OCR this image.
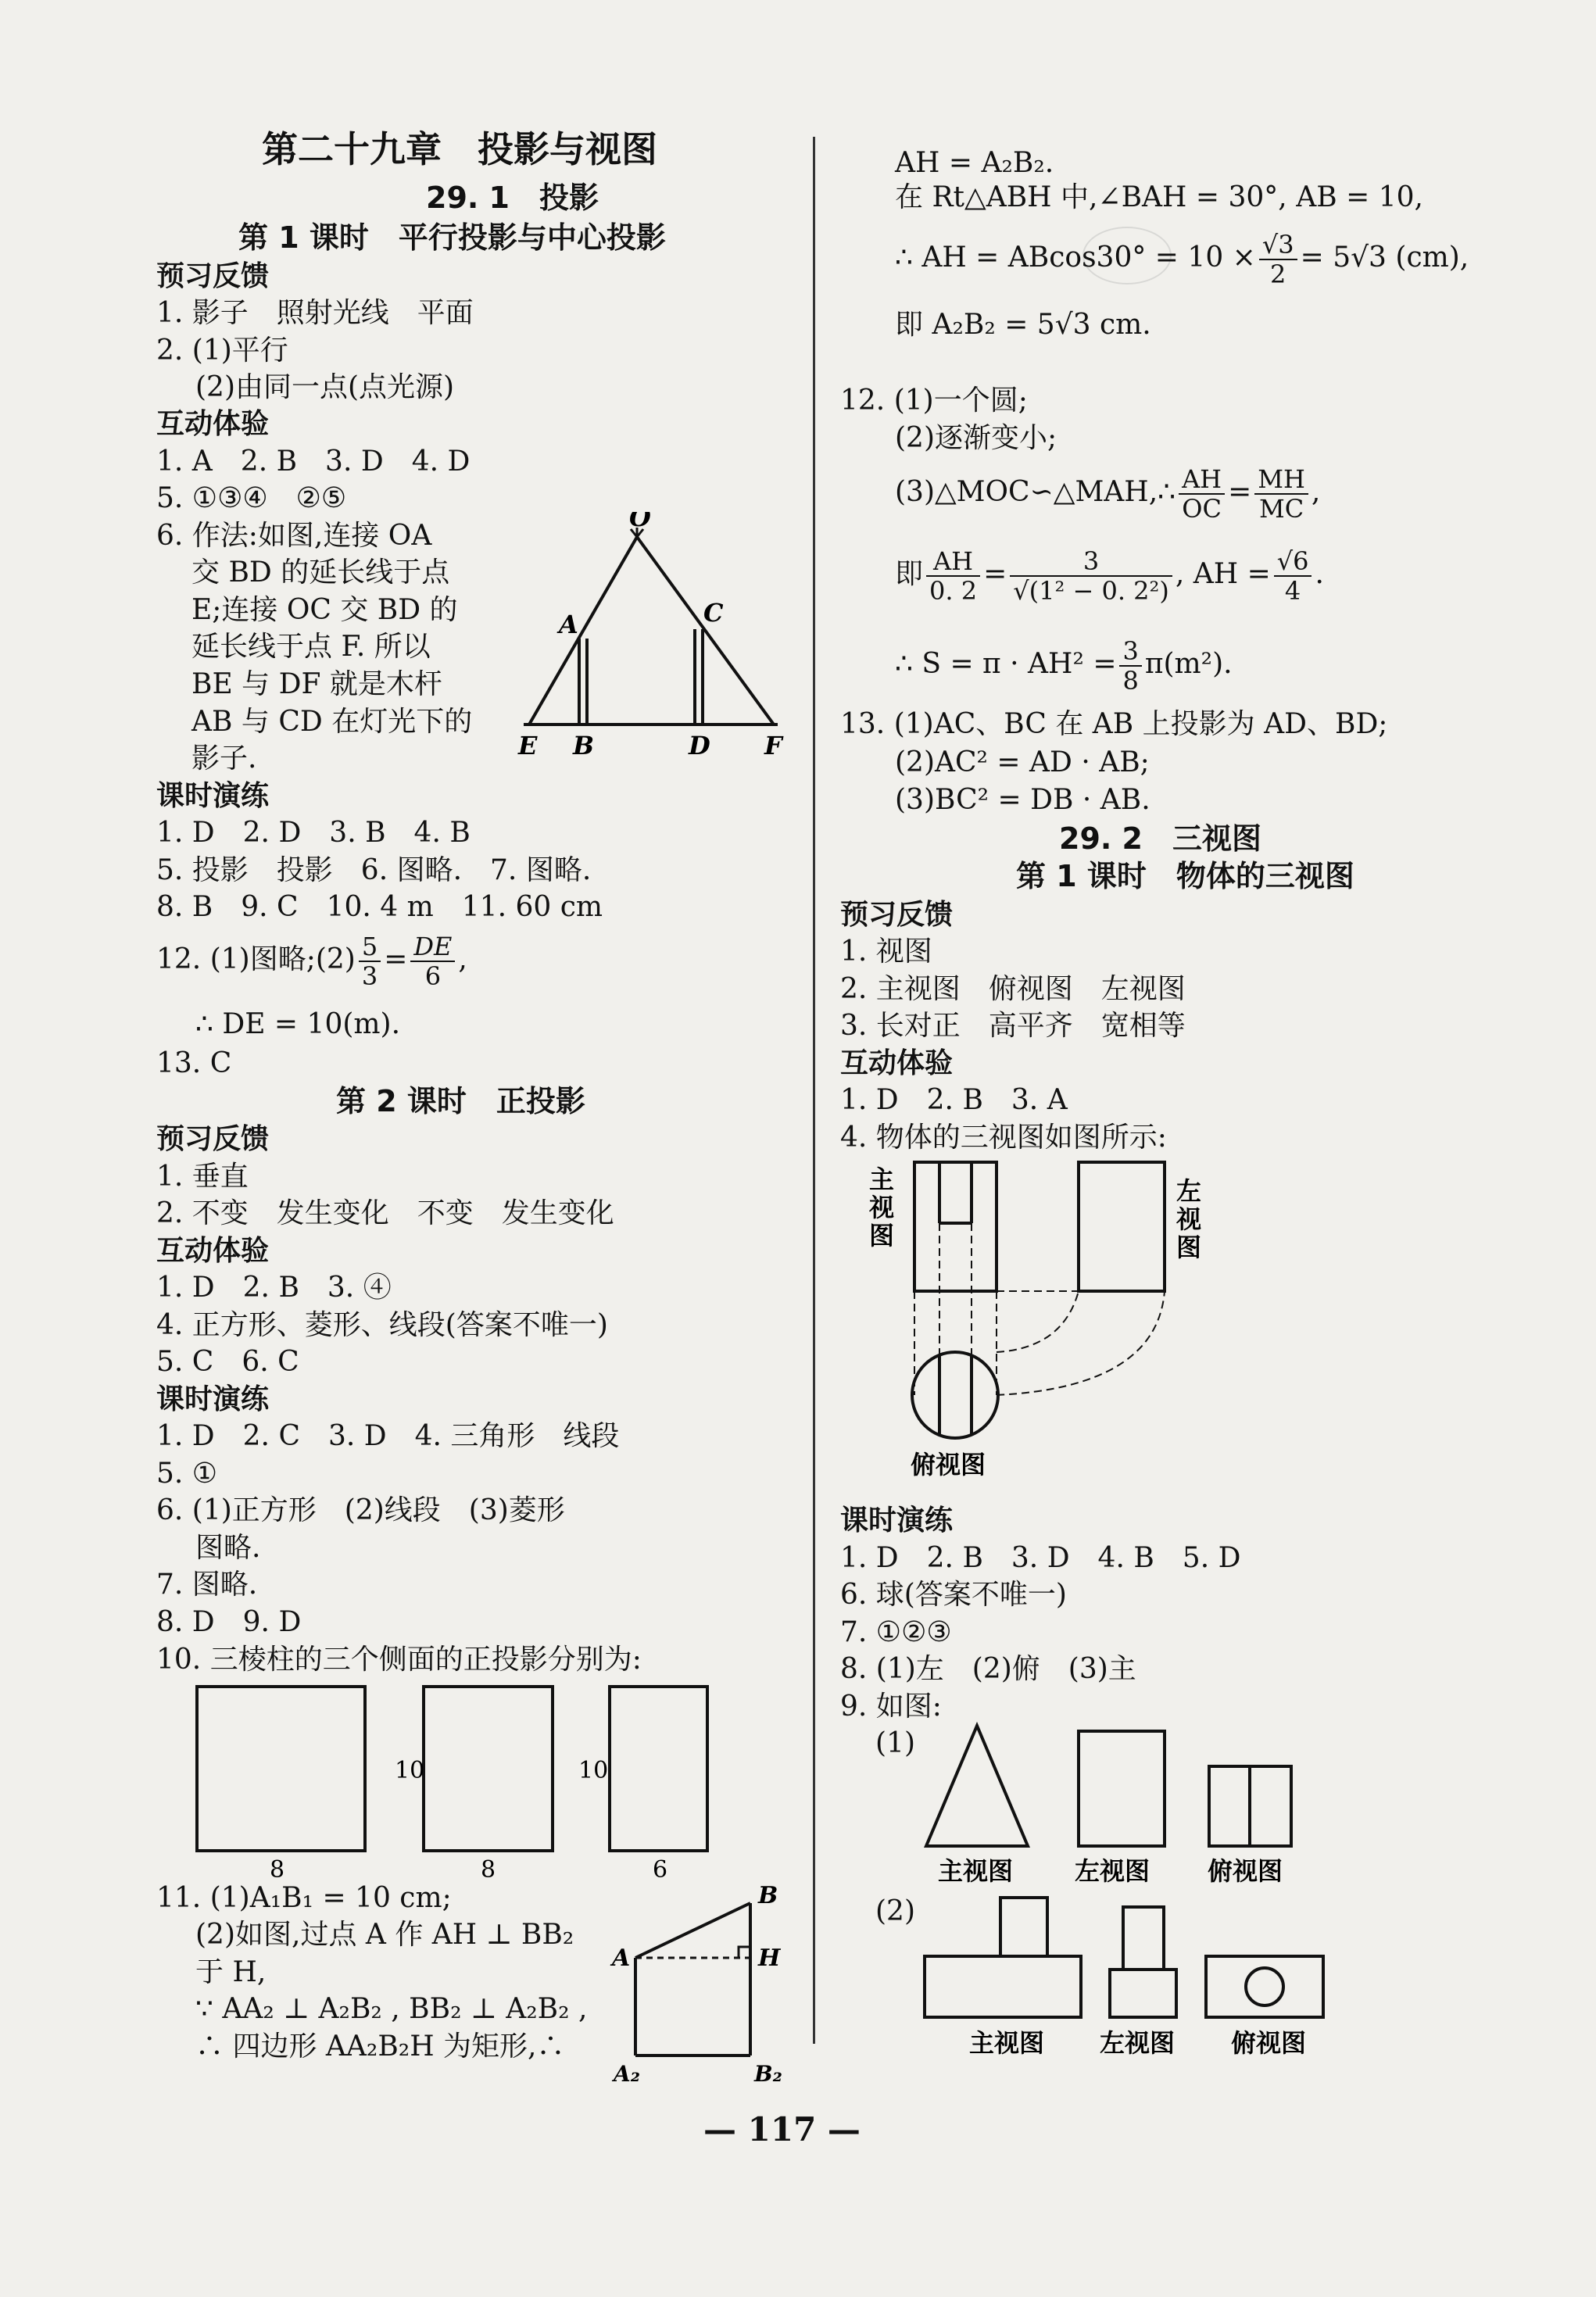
第二十九章　投影与视图
29. 1　投影
第 1 课时　平行投影与中心投影
预习反馈
1. 影子　照射光线　平面
2. (1)平行
(2)由同一点(点光源)
互动体验
1. A　2. B　3. D　4. D
5. ①③④　②⑤
6. 作法:如图,连接 OA
交 BD 的延长线于点
E;连接 OC 交 BD 的
延长线于点 F. 所以
BE 与 DF 就是木杆
AB 与 CD 在灯光下的
影子.
O
A	C
E B	D F
课时演练
1. D　2. D　3. B　4. B
5. 投影　投影　6. 图略.　7. 图略.
8. B　9. C　10. 4 m　11. 60 cm
12. (1)图略;(2) $\frac{5}{3} = \frac{DE}{6}$ ,
∴ DE = 10(m).
13. C
第 2 课时　正投影
预习反馈
1. 垂直
2. 不变　发生变化　不变　发生变化
互动体验
1. D　2. B　3. ④
4. 正方形、菱形、线段(答案不唯一)
5. C　6. C
课时演练
1. D　2. C　3. D　4. 三角形　线段
5. ①
6. (1)正方形　(2)线段　(3)菱形
图略.
7. 图略.
8. D　9. D
10. 三棱柱的三个侧面的正投影分别为:
8
10
8
10
6
11. (1)A₁B₁ = 10 cm;
(2)如图,过点 A 作 AH ⊥ BB₂
于 H,
∵ AA₂ ⊥ A₂B₂ , BB₂ ⊥ A₂B₂ ,
∴ 四边形 AA₂B₂H 为矩形,∴
B
A	H
A₂	B₂
AH = A₂B₂.
在 Rt△ABH 中,∠BAH = 30°, AB = 10,
∴ AH = $ABcos30^\circ = 10 \times \frac{√3}{2} = 5√3$ (cm),
即 A₂B₂ = 5√3 cm.
12. (1)一个圆;
(2)逐渐变小;
(3)△MOC∽△MAH,∴ $\frac{AH}{OC} = \frac{MH}{MC}$ ,
即 $\frac{AH}{0. 2} = \frac{3}{\text{√(1² − 0. 2²)}}$ , AH = $\frac{√6}{4}$ .
∴ $S = \pi \cdot AH^2 = \frac{3}{8} \pi(m^2)$.
13. (1)AC、BC 在 AB 上投影为 AD、BD;
(2)AC² = AD · AB;
(3)BC² = DB · AB.
29. 2　三视图
第 1 课时　物体的三视图
预习反馈
1. 视图
2. 主视图　俯视图　左视图
3. 长对正　高平齐　宽相等
互动体验
1. D　2. B　3. A
4. 物体的三视图如图所示:
主视图
左视图
俯视图
课时演练
1. D　2. B　3. D　4. B　5. D
6. 球(答案不唯一)
7. ①②③
8. (1)左　(2)俯　(3)主
9. 如图:
(1)
主视图 左视图 俯视图
(2)
主视图 左视图 俯视图
— 117 —
